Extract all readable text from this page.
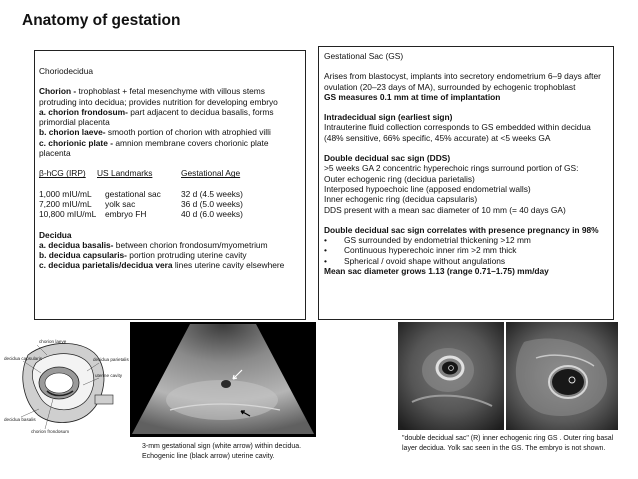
Anatomy of gestation
Choriodecidua
Chorion - trophoblast + fetal mesenchyme with villous stems protruding into decidua; provides nutrition for developing embryo
a. chorion frondosum- part adjacent to decidua basalis, forms primordial placenta
b. chorion laeve- smooth portion of chorion with atrophied villi
c. chorionic plate - amnion membrane covers chorionic plate placenta
β-hCG (IRP)	US Landmarks	Gestational Age
1,000 mIU/mL	gestational sac	32 d (4.5 weeks)
7,200 mIU/mL	yolk sac	36 d (5.0 weeks)
10,800 mIU/mL	embryo FH	40 d (6.0 weeks)
Decidua
a. decidua basalis- between chorion frondosum/myometrium
b. decidua capsularis- portion protruding uterine cavity
c. decidua parietalis/decidua vera lines uterine cavity elsewhere
Gestational Sac (GS)
Arises from blastocyst, implants into secretory endometrium 6–9 days after ovulation (20–23 days of MA), surrounded by echogenic trophoblast
GS measures 0.1 mm at time of implantation
Intradecidual sign (earliest sign)
Intrauterine fluid collection corresponds to GS embedded within decidua (48% sensitive, 66% specific, 45% accurate) at <5 weeks GA
Double decidual sac sign (DDS)
>5 weeks GA 2 concentric hyperechoic rings surround portion of GS:
Outer echogenic ring (decidua parietalis)
Interposed hypoechoic line (apposed endometrial walls)
Inner echogenic ring (decidua capsularis)
DDS present with a mean sac diameter of 10 mm (= 40 days GA)
Double decidual sac sign correlates with presence pregnancy in 98%
•	GS surrounded by endometrial thickening >12 mm
•	Continuous hyperechoic inner rim >2 mm thick
•	Spherical / ovoid shape without angulations
Mean sac diameter grows 1.13 (range 0.71–1.75) mm/day
chorion laeve
decidua capsularis	decidua parietalis
uterine cavity
decidua basalis
chorion frondosum
3-mm gestational sign (white arrow) within decidua. Echogenic line (black arrow) uterine cavity.
"double decidual sac" (R) inner echogenic ring GS . Outer ring basal layer decidua. Yolk sac seen in the GS. The embryo is not shown.
